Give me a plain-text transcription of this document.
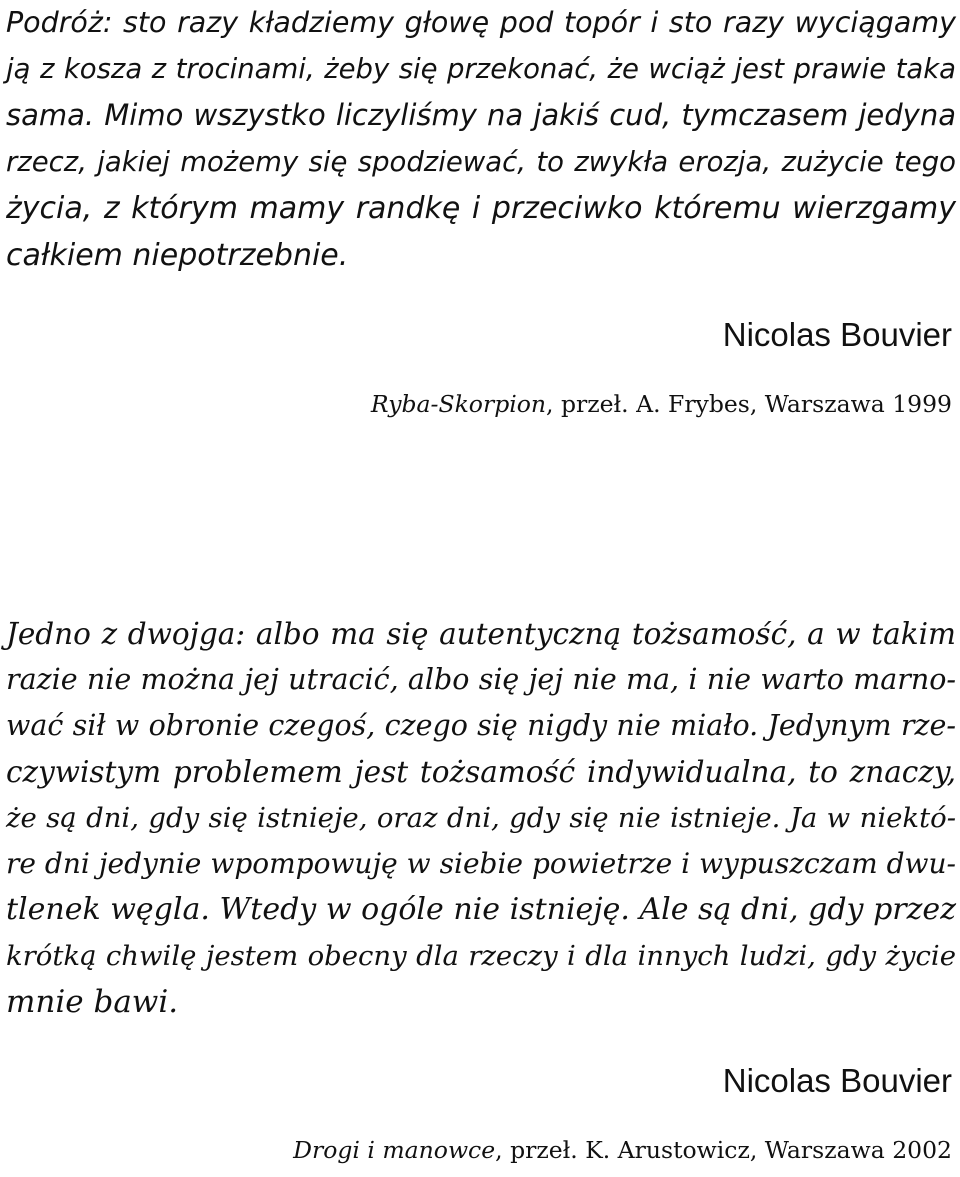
Podróż: sto razy kładziemy głowę pod topór i sto razy wyciągamy
ją z kosza z trocinami, żeby się przekonać, że wciąż jest prawie taka
sama. Mimo wszystko liczyliśmy na jakiś cud, tymczasem jedyna
rzecz, jakiej możemy się spodziewać, to zwykła erozja, zużycie tego
życia, z którym mamy randkę i przeciwko któremu wierzgamy
całkiem niepotrzebnie.
Nicolas Bouvier
Ryba-Skorpion, przeł. A. Frybes, Warszawa 1999
Jedno z dwojga: albo ma się autentyczną tożsamość, a w takim
razie nie można jej utracić, albo się jej nie ma, i nie warto marno-
wać sił w obronie czegoś, czego się nigdy nie miało. Jedynym rze-
czywistym problemem jest tożsamość indywidualna, to znaczy,
że są dni, gdy się istnieje, oraz dni, gdy się nie istnieje. Ja w niektó-
re dni jedynie wpompowuję w siebie powietrze i wypuszczam dwu-
tlenek węgla. Wtedy w ogóle nie istnieję. Ale są dni, gdy przez
krótką chwilę jestem obecny dla rzeczy i dla innych ludzi, gdy życie
mnie bawi.
Nicolas Bouvier
Drogi i manowce, przeł. K. Arustowicz, Warszawa 2002
